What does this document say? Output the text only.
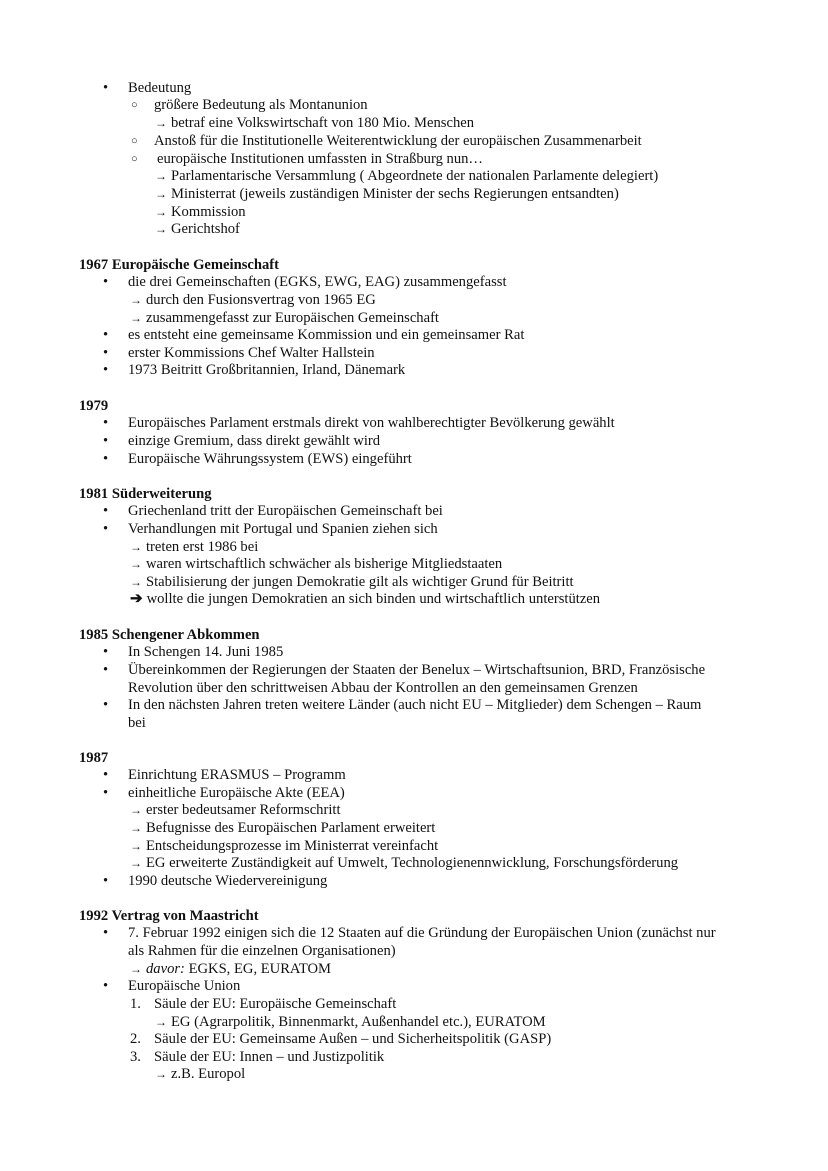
• Bedeutung
○ größere Bedeutung als Montanunion
→ betraf eine Volkswirtschaft von 180 Mio. Menschen
○ Anstoß für die Institutionelle Weiterentwicklung der europäischen Zusammenarbeit
○ europäische Institutionen umfassten in Straßburg nun…
→ Parlamentarische Versammlung ( Abgeordnete der nationalen Parlamente delegiert)
→ Ministerrat (jeweils zuständigen Minister der sechs Regierungen entsandten)
→ Kommission
→ Gerichtshof
1967 Europäische Gemeinschaft
• die drei Gemeinschaften (EGKS, EWG, EAG) zusammengefasst
→ durch den Fusionsvertrag von 1965 EG
→ zusammengefasst zur Europäischen Gemeinschaft
• es entsteht eine gemeinsame Kommission und ein gemeinsamer Rat
• erster Kommissions Chef Walter Hallstein
• 1973 Beitritt Großbritannien, Irland, Dänemark
1979
• Europäisches Parlament erstmals direkt von wahlberechtigter Bevölkerung gewählt
• einzige Gremium, dass direkt gewählt wird
• Europäische Währungssystem (EWS) eingeführt
1981 Süderweiterung
• Griechenland tritt der Europäischen Gemeinschaft bei
• Verhandlungen mit Portugal und Spanien ziehen sich
→ treten erst 1986 bei
→ waren wirtschaftlich schwächer als bisherige Mitgliedstaaten
→ Stabilisierung der jungen Demokratie gilt als wichtiger Grund für Beitritt
➔ wollte die jungen Demokratien an sich binden und wirtschaftlich unterstützen
1985 Schengener Abkommen
• In Schengen 14. Juni 1985
• Übereinkommen der Regierungen der Staaten der Benelux – Wirtschaftsunion, BRD, Französische
Revolution über den schrittweisen Abbau der Kontrollen an den gemeinsamen Grenzen
• In den nächsten Jahren treten weitere Länder (auch nicht EU – Mitglieder) dem Schengen – Raum
bei
1987
• Einrichtung ERASMUS – Programm
• einheitliche Europäische Akte (EEA)
→ erster bedeutsamer Reformschritt
→ Befugnisse des Europäischen Parlament erweitert
→ Entscheidungsprozesse im Ministerrat vereinfacht
→ EG erweiterte Zuständigkeit auf Umwelt, Technologienennwicklung, Forschungsförderung
• 1990 deutsche Wiedervereinigung
1992 Vertrag von Maastricht
• 7. Februar 1992 einigen sich die 12 Staaten auf die Gründung der Europäischen Union (zunächst nur
als Rahmen für die einzelnen Organisationen)
→ davor: EGKS, EG, EURATOM
• Europäische Union
1. Säule der EU: Europäische Gemeinschaft
→ EG (Agrarpolitik, Binnenmarkt, Außenhandel etc.), EURATOM
2. Säule der EU: Gemeinsame Außen – und Sicherheitspolitik (GASP)
3. Säule der EU: Innen – und Justizpolitik
→ z.B. Europol
